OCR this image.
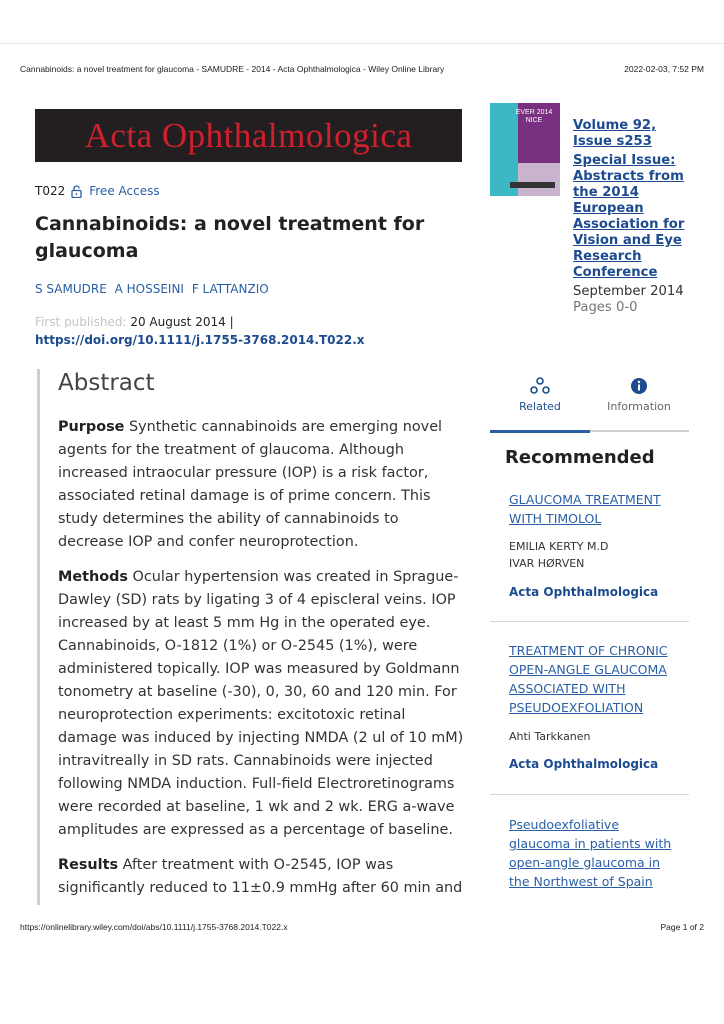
Cannabinoids: a novel treatment for glaucoma - SAMUDRE - 2014 - Acta Ophthalmologica - Wiley Online Library	2022-02-03, 7:52 PM
Acta Ophthalmologica
T022 Free Access
Cannabinoids: a novel treatment for glaucoma
S SAMUDRE A HOSSEINI F LATTANZIO
First published: 20 August 2014 |
https://doi.org/10.1111/j.1755-3768.2014.T022.x
Abstract

Purpose Synthetic cannabinoids are emerging novel agents for the treatment of glaucoma. Although increased intraocular pressure (IOP) is a risk factor, associated retinal damage is of prime concern. This study determines the ability of cannabinoids to decrease IOP and confer neuroprotection.

Methods Ocular hypertension was created in Sprague-Dawley (SD) rats by ligating 3 of 4 episcleral veins. IOP increased by at least 5 mm Hg in the operated eye. Cannabinoids, O-1812 (1%) or O-2545 (1%), were administered topically. IOP was measured by Goldmann tonometry at baseline (-30), 0, 30, 60 and 120 min. For neuroprotection experiments: excitotoxic retinal damage was induced by injecting NMDA (2 ul of 10 mM) intravitreally in SD rats. Cannabinoids were injected following NMDA induction. Full-field Electroretinograms were recorded at baseline, 1 wk and 2 wk. ERG a-wave amplitudes are expressed as a percentage of baseline.

Results After treatment with O-2545, IOP was significantly reduced to 11±0.9 mmHg after 60 min and

EVER 2014 NICE	Volume 92,
Issue s253
Special Issue: Abstracts from the 2014 European Association for Vision and Eye Research Conference
September 2014
Pages 0-0
Related	Information
Recommended
GLAUCOMA TREATMENT WITH TIMOLOL
EMILIA KERTY M.D
IVAR HØRVEN
Acta Ophthalmologica
TREATMENT OF CHRONIC OPEN-ANGLE GLAUCOMA ASSOCIATED WITH PSEUDOEXFOLIATION
Ahti Tarkkanen
Acta Ophthalmologica
Pseudoexfoliative glaucoma in patients with open-angle glaucoma in the Northwest of Spain
https://onlinelibrary.wiley.com/doi/abs/10.1111/j.1755-3768.2014.T022.x	Page 1 of 2
